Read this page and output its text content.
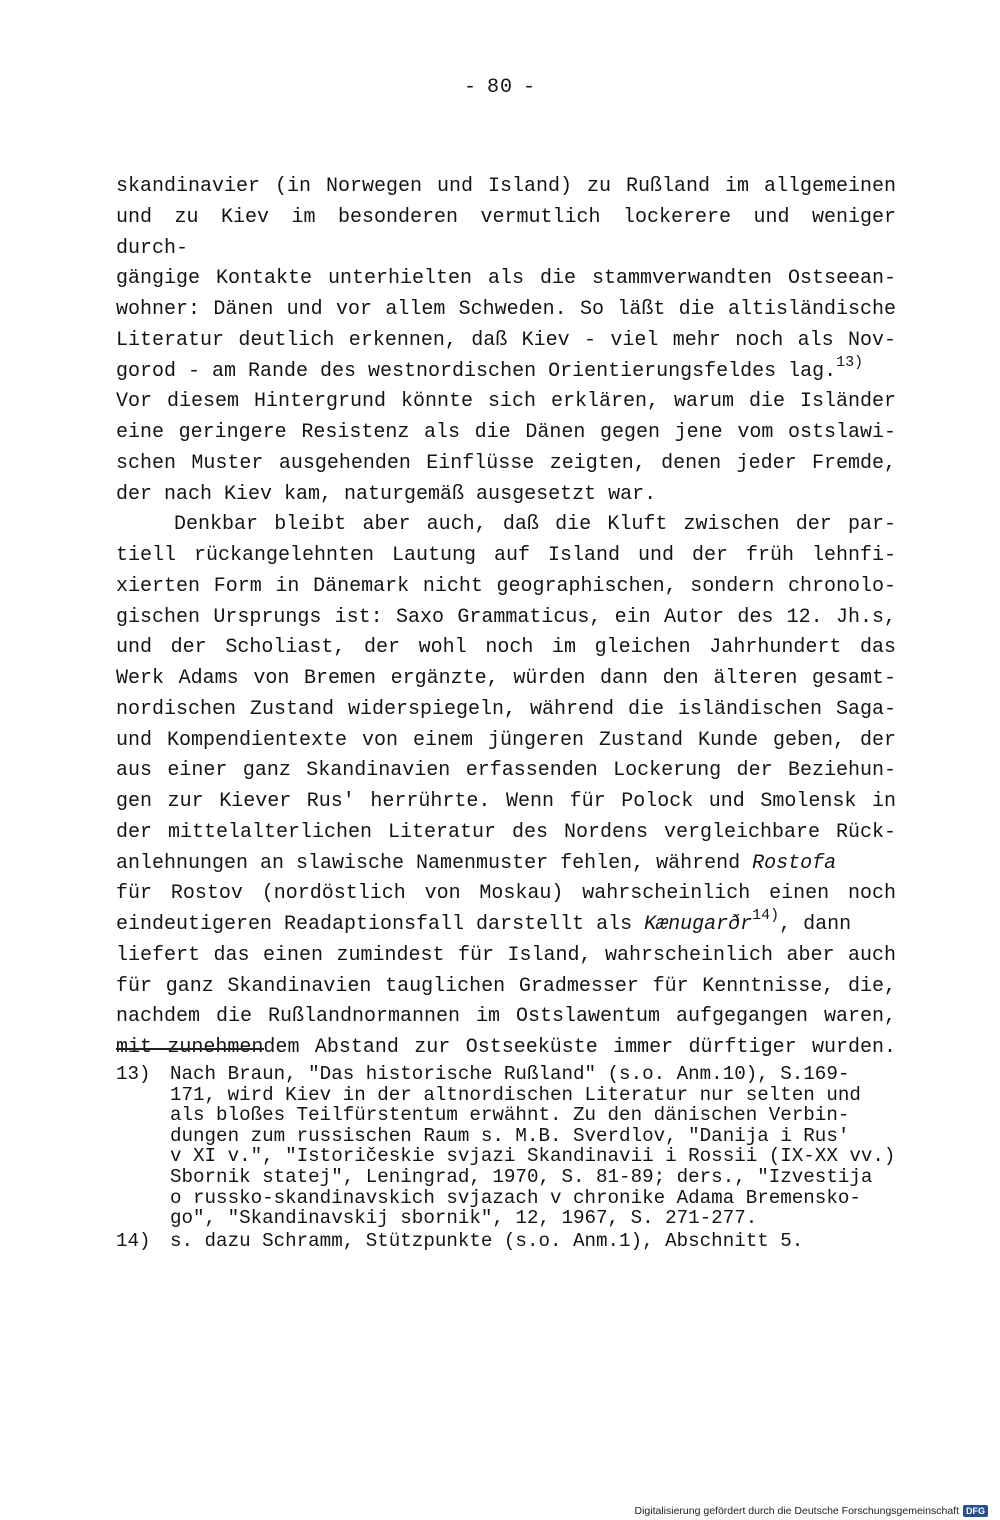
- 80 -
skandinavier (in Norwegen und Island) zu Rußland im allgemeinen
und zu Kiev im besonderen vermutlich lockerere und weniger durch-
gängige Kontakte unterhielten als die stammverwandten Ostseean-
wohner: Dänen und vor allem Schweden. So läßt die altisländische
Literatur deutlich erkennen, daß Kiev - viel mehr noch als Nov-
gorod - am Rande des westnordischen Orientierungsfeldes lag.$^{13)}$
Vor diesem Hintergrund könnte sich erklären, warum die Isländer
eine geringere Resistenz als die Dänen gegen jene vom ostslawi-
schen Muster ausgehenden Einflüsse zeigten, denen jeder Fremde,
der nach Kiev kam, naturgemäß ausgesetzt war.
Denkbar bleibt aber auch, daß die Kluft zwischen der par-
tiell rückangelehnten Lautung auf Island und der früh lehnfi-
xierten Form in Dänemark nicht geographischen, sondern chronolo-
gischen Ursprungs ist: Saxo Grammaticus, ein Autor des 12. Jh.s,
und der Scholiast, der wohl noch im gleichen Jahrhundert das
Werk Adams von Bremen ergänzte, würden dann den älteren gesamt-
nordischen Zustand widerspiegeln, während die isländischen Saga-
und Kompendientexte von einem jüngeren Zustand Kunde geben, der
aus einer ganz Skandinavien erfassenden Lockerung der Beziehun-
gen zur Kiever Rus' herrührte. Wenn für Polock und Smolensk in
der mittelalterlichen Literatur des Nordens vergleichbare Rück-
anlehnungen an slawische Namenmuster fehlen, während Rostofa
für Rostov (nordöstlich von Moskau) wahrscheinlich einen noch
eindeutigeren Readaptionsfall darstellt als Kænugarðr$^{14)}$, dann
liefert das einen zumindest für Island, wahrscheinlich aber auch
für ganz Skandinavien tauglichen Gradmesser für Kenntnisse, die,
nachdem die Rußlandnormannen im Ostslawentum aufgegangen waren,
mit zunehmendem Abstand zur Ostseeküste immer dürftiger wurden.
13)	Nach Braun, "Das historische Rußland" (s.o. Anm.10), S.169-
171, wird Kiev in der altnordischen Literatur nur selten und
als bloßes Teilfürstentum erwähnt. Zu den dänischen Verbin-
dungen zum russischen Raum s. M.B. Sverdlov, "Danija i Rus'
v XI v.", "Istoričeskie svjazi Skandinavii i Rossii (IX-XX vv.)
Sbornik statej", Leningrad, 1970, S. 81-89; ders., "Izvestija
o russko-skandinavskich svjazach v chronike Adama Bremensko-
go", "Skandinavskij sbornik", 12, 1967, S. 271-277.
14)	s. dazu Schramm, Stützpunkte (s.o. Anm.1), Abschnitt 5.
Digitalisierung gefördert durch die Deutsche Forschungsgemeinschaft DFG
